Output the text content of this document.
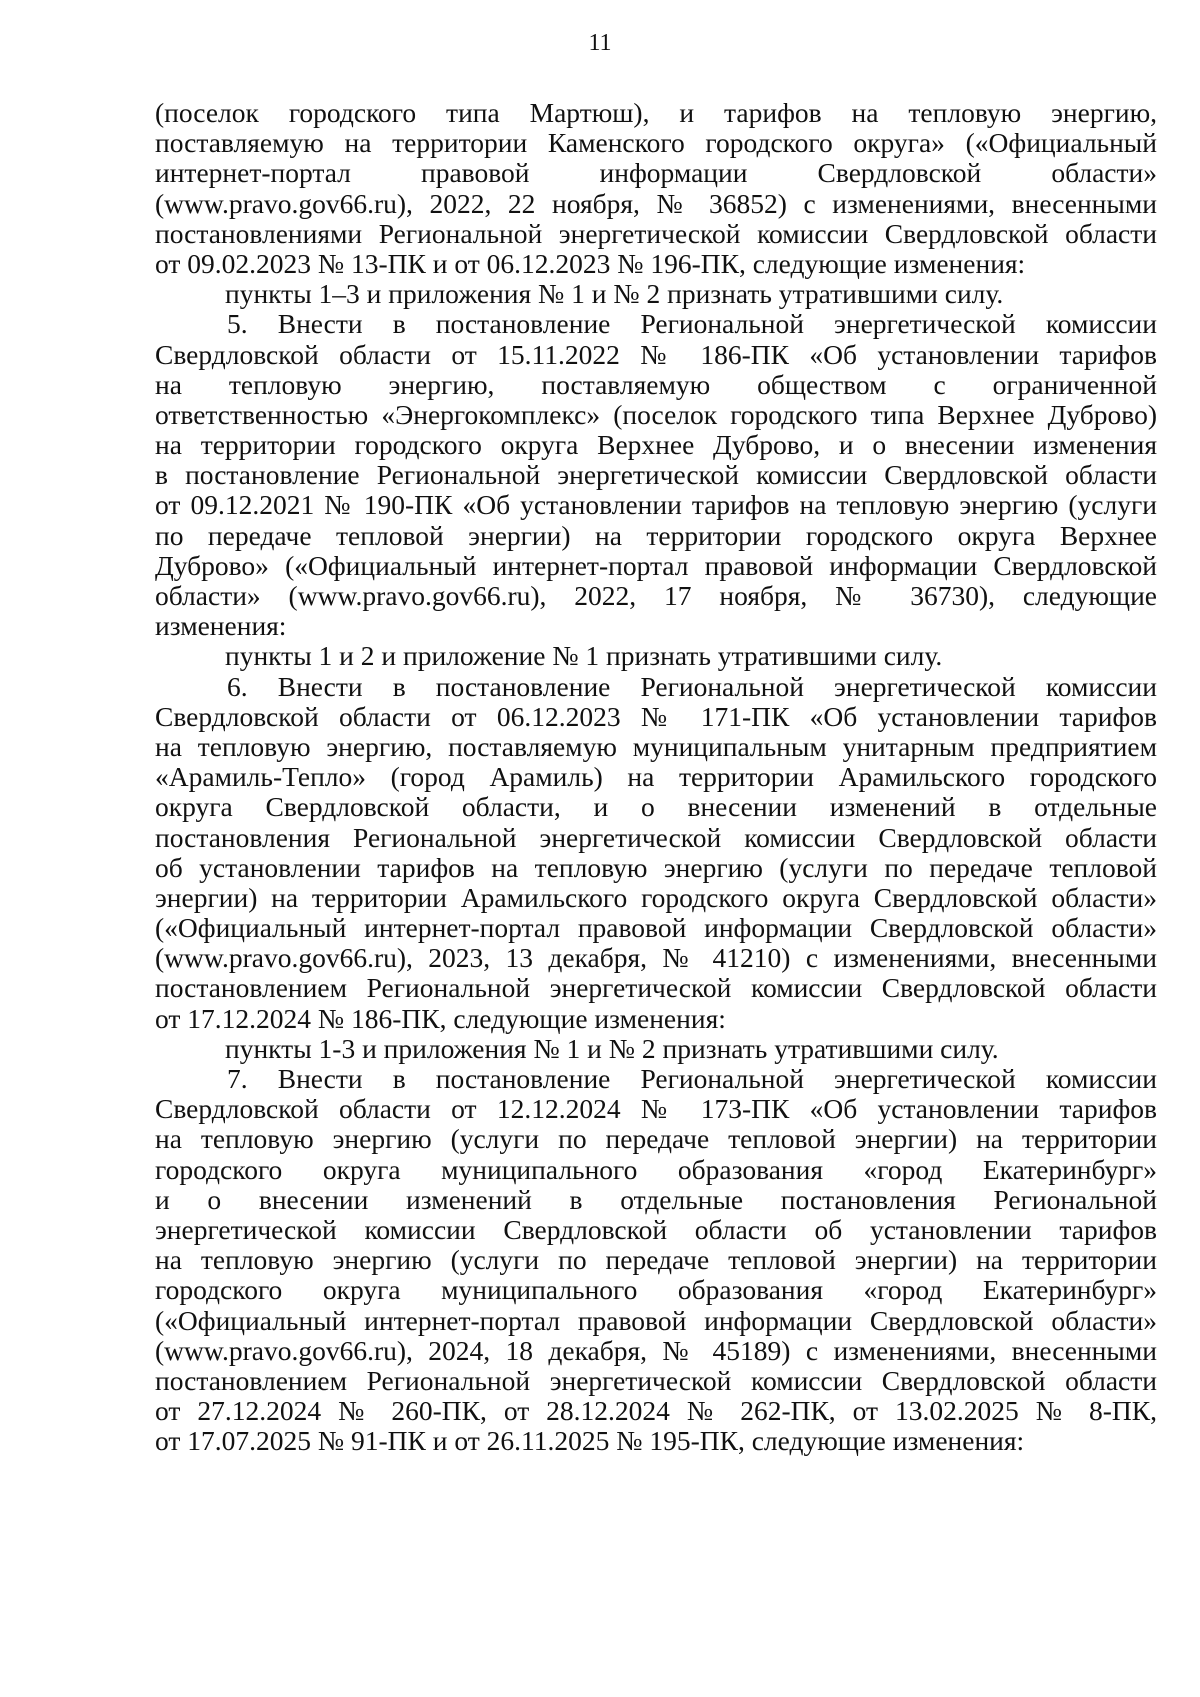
11
(поселок городского типа Мартюш), и тарифов на тепловую энергию,
поставляемую на территории Каменского городского округа» («Официальный
интернет-портал правовой информации Свердловской области»
(www.pravo.gov66.ru), 2022, 22 ноября, № 36852) с изменениями, внесенными
постановлениями Региональной энергетической комиссии Свердловской области
от 09.02.2023 № 13-ПК и от 06.12.2023 № 196-ПК, следующие изменения:
пункты 1–3 и приложения № 1 и № 2 признать утратившими силу.
5. Внести в постановление Региональной энергетической комиссии
Свердловской области от 15.11.2022 № 186-ПК «Об установлении тарифов
на тепловую энергию, поставляемую обществом с ограниченной
ответственностью «Энергокомплекс» (поселок городского типа Верхнее Дуброво)
на территории городского округа Верхнее Дуброво, и о внесении изменения
в постановление Региональной энергетической комиссии Свердловской области
от 09.12.2021 № 190-ПК «Об установлении тарифов на тепловую энергию (услуги
по передаче тепловой энергии) на территории городского округа Верхнее
Дуброво» («Официальный интернет-портал правовой информации Свердловской
области» (www.pravo.gov66.ru), 2022, 17 ноября, № 36730), следующие
изменения:
пункты 1 и 2 и приложение № 1 признать утратившими силу.
6. Внести в постановление Региональной энергетической комиссии
Свердловской области от 06.12.2023 № 171-ПК «Об установлении тарифов
на тепловую энергию, поставляемую муниципальным унитарным предприятием
«Арамиль-Тепло» (город Арамиль) на территории Арамильского городского
округа Свердловской области, и о внесении изменений в отдельные
постановления Региональной энергетической комиссии Свердловской области
об установлении тарифов на тепловую энергию (услуги по передаче тепловой
энергии) на территории Арамильского городского округа Свердловской области»
(«Официальный интернет-портал правовой информации Свердловской области»
(www.pravo.gov66.ru), 2023, 13 декабря, № 41210) с изменениями, внесенными
постановлением Региональной энергетической комиссии Свердловской области
от 17.12.2024 № 186-ПК, следующие изменения:
пункты 1-3 и приложения № 1 и № 2 признать утратившими силу.
7. Внести в постановление Региональной энергетической комиссии
Свердловской области от 12.12.2024 № 173-ПК «Об установлении тарифов
на тепловую энергию (услуги по передаче тепловой энергии) на территории
городского округа муниципального образования «город Екатеринбург»
и о внесении изменений в отдельные постановления Региональной
энергетической комиссии Свердловской области об установлении тарифов
на тепловую энергию (услуги по передаче тепловой энергии) на территории
городского округа муниципального образования «город Екатеринбург»
(«Официальный интернет-портал правовой информации Свердловской области»
(www.pravo.gov66.ru), 2024, 18 декабря, № 45189) с изменениями, внесенными
постановлением Региональной энергетической комиссии Свердловской области
от 27.12.2024 № 260-ПК, от 28.12.2024 № 262-ПК, от 13.02.2025 № 8-ПК,
от 17.07.2025 № 91-ПК и от 26.11.2025 № 195-ПК, следующие изменения:
